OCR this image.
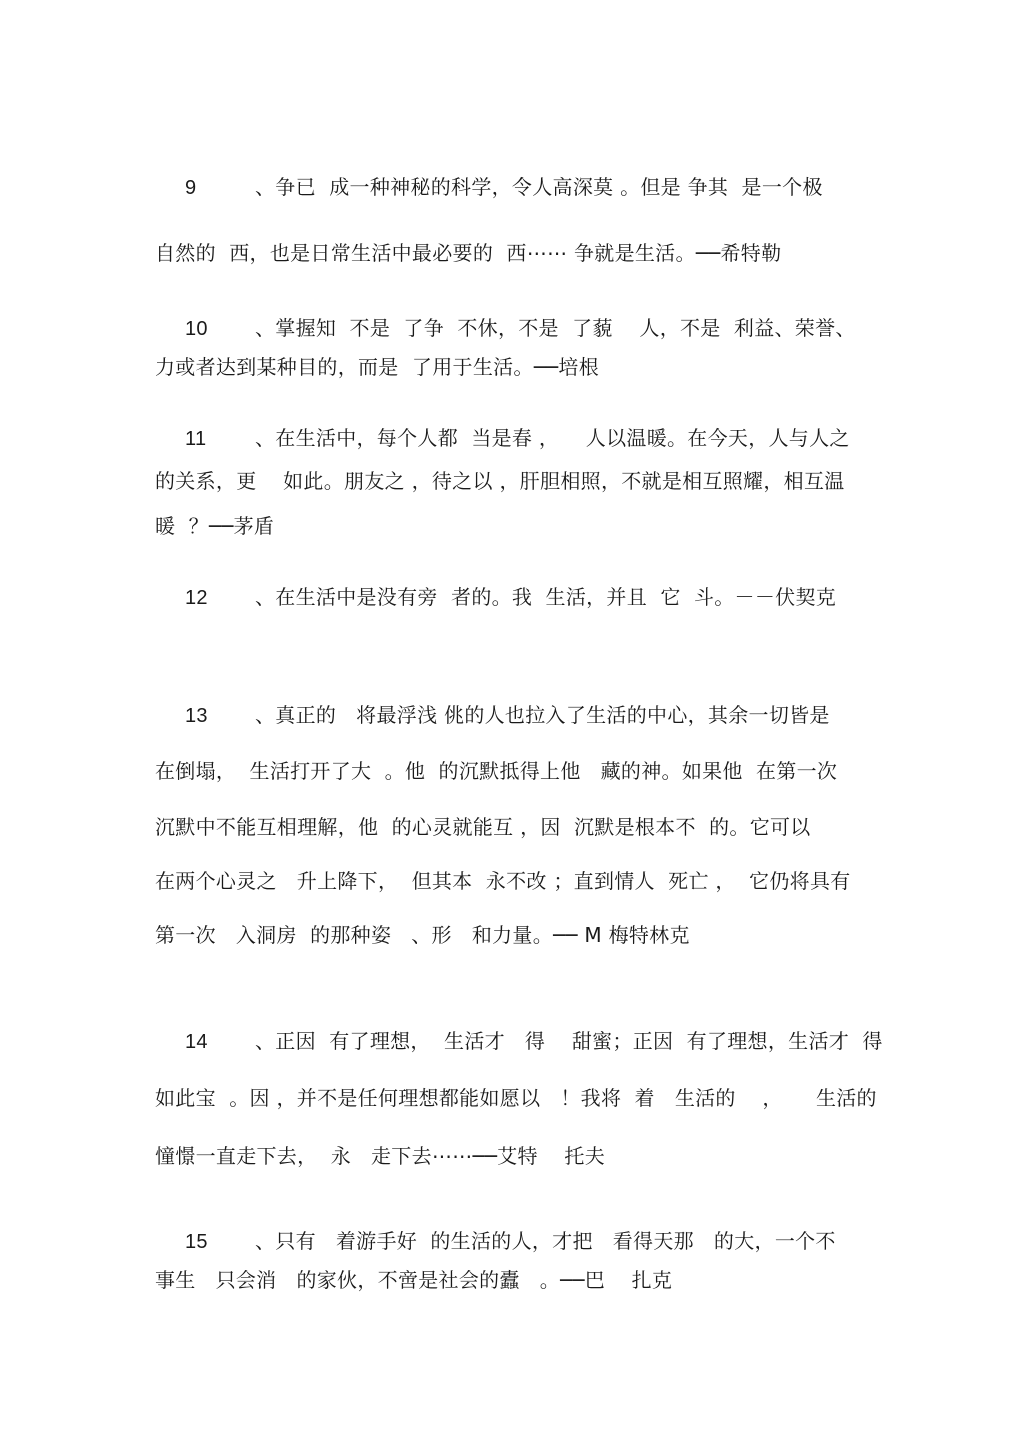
9	、争已  成一种神秘的科学，令人高深莫 。但是 争其  是一个极
自然的  西，也是日常生活中最必要的  西⋯⋯ 争就是生活。──希特勒
10 、掌握知  不是  了争  不休，不是  了藐    人，不是  利益、荣誉、
力或者达到某种目的，而是  了用于生活。──培根
11 、在生活中，每个人都  当是春 ，    人以温暖。在今天，人与人之
的关系，更    如此。朋友之 ，待之以 ，肝胆相照，不就是相互照耀，相互温
暖  ？──茅盾
12 、在生活中是没有旁  者的。我  生活，并且  它  斗。－－伏契克
13 、真正的   将最浮浅 佻的人也拉入了生活的中心，其余一切皆是
在倒塌，  生活打开了大  。他  的沉默抵得上他   藏的神。如果他  在第一次
沉默中不能互相理解，他  的心灵就能互 ，因  沉默是根本不  的。它可以
在两个心灵之   升上降下，  但其本  永不改 ；直到情人  死亡 ，  它仍将具有
第一次   入洞房  的那种姿   、形   和力量。── M 梅特林克
14 、正因  有了理想，  生活才   得    甜蜜；正因  有了理想，生活才  得
如此宝  。因 ，并不是任何理想都能如愿以   ！我将  着   生活的    ，     生活的
憧憬一直走下去，  永   走下去⋯⋯──艾特    托夫
15 、只有   着游手好  的生活的人，才把   看得天那   的大，一个不
事生   只会消   的家伙，不啻是社会的蠹   。──巴    扎克
